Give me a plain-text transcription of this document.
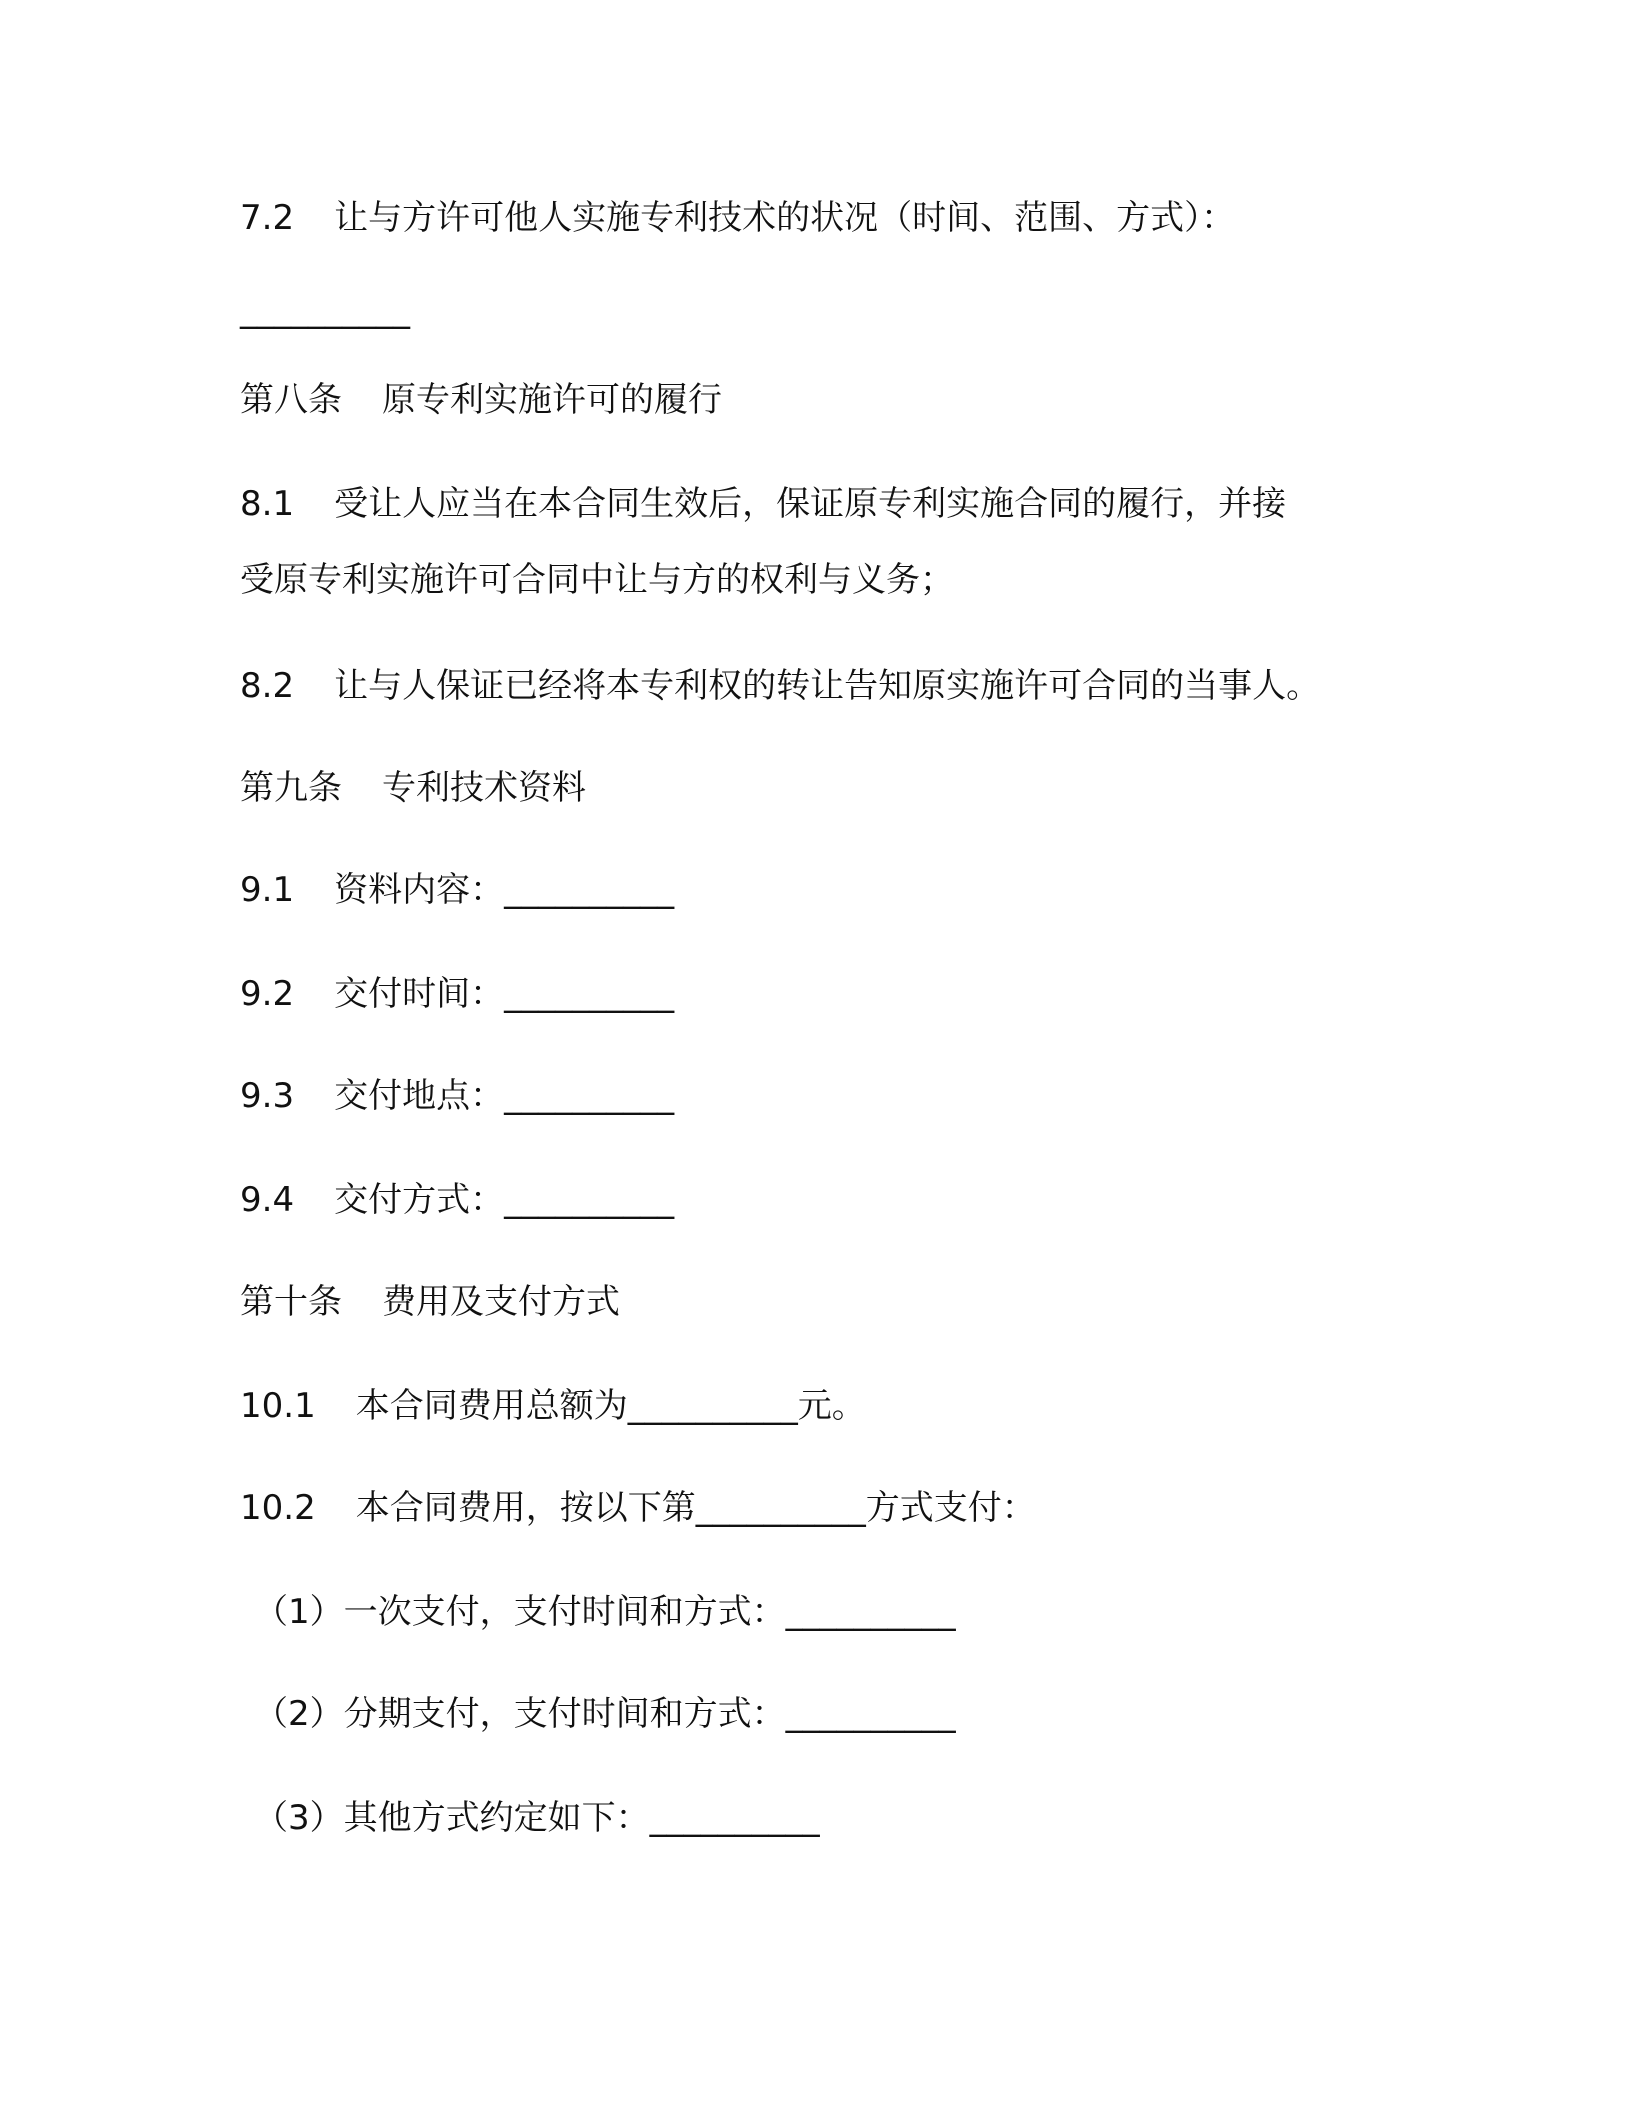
7.2 让与方许可他人实施专利技术的状况（时间、范围、方式）：
__________
第八条 原专利实施许可的履行
8.1 受让人应当在本合同生效后，保证原专利实施合同的履行，并接
受原专利实施许可合同中让与方的权利与义务；
8.2 让与人保证已经将本专利权的转让告知原实施许可合同的当事人。
第九条 专利技术资料
9.1 资料内容：__________
9.2 交付时间：__________
9.3 交付地点：__________
9.4 交付方式：__________
第十条 费用及支付方式
10.1 本合同费用总额为__________元。
10.2 本合同费用，按以下第__________方式支付：
（1）一次支付，支付时间和方式：__________
（2）分期支付，支付时间和方式：__________
（3）其他方式约定如下：__________
